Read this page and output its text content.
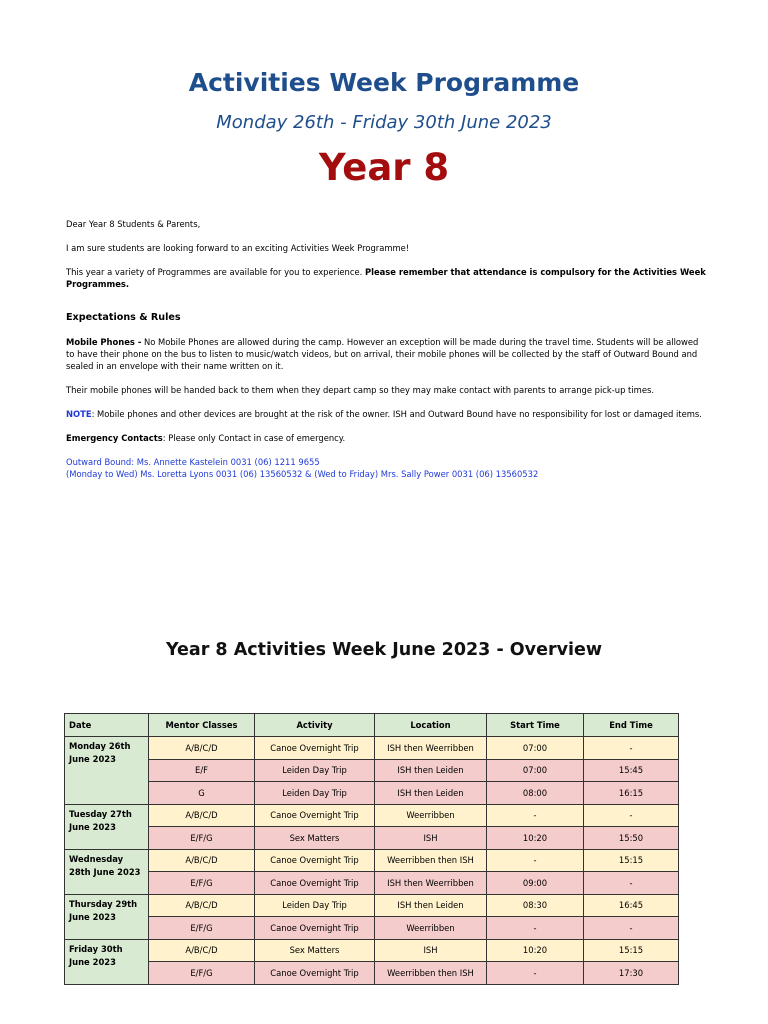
Activities Week Programme
Monday 26th - Friday 30th June 2023
Year 8

Dear Year 8 Students & Parents,

I am sure students are looking forward to an exciting Activities Week Programme!

This year a variety of Programmes are available for you to experience. Please remember that attendance is compulsory for the Activities Week Programmes.

Expectations & Rules

Mobile Phones - No Mobile Phones are allowed during the camp. However an exception will be made during the travel time. Students will be allowed to have their phone on the bus to listen to music/watch videos, but on arrival, their mobile phones will be collected by the staff of Outward Bound and sealed in an envelope with their name written on it.

Their mobile phones will be handed back to them when they depart camp so they may make contact with parents to arrange pick-up times.

NOTE: Mobile phones and other devices are brought at the risk of the owner. ISH and Outward Bound have no responsibility for lost or damaged items.

Emergency Contacts: Please only Contact in case of emergency.

Outward Bound: Ms. Annette Kastelein 0031 (06) 1211 9655
(Monday to Wed) Ms. Loretta Lyons 0031 (06) 13560532 & (Wed to Friday) Mrs. Sally Power 0031 (06) 13560532
Year 8 Activities Week June 2023 - Overview
Date	Mentor Classes	Activity	Location	Start Time	End Time
Monday 26th June 2023	A/B/C/D	Canoe Overnight Trip	ISH then Weerribben	07:00	-
	E/F	Leiden Day Trip	ISH then Leiden	07:00	15:45
	G	Leiden Day Trip	ISH then Leiden	08:00	16:15
Tuesday 27th June 2023	A/B/C/D	Canoe Overnight Trip	Weerribben	-	-
	E/F/G	Sex Matters	ISH	10:20	15:50
Wednesday 28th June 2023	A/B/C/D	Canoe Overnight Trip	Weerribben then ISH	-	15:15
	E/F/G	Canoe Overnight Trip	ISH then Weerribben	09:00	-
Thursday 29th June 2023	A/B/C/D	Leiden Day Trip	ISH then Leiden	08:30	16:45
	E/F/G	Canoe Overnight Trip	Weerribben	-	-
Friday 30th June 2023	A/B/C/D	Sex Matters	ISH	10:20	15:15
	E/F/G	Canoe Overnight Trip	Weerribben then ISH	-	17:30
